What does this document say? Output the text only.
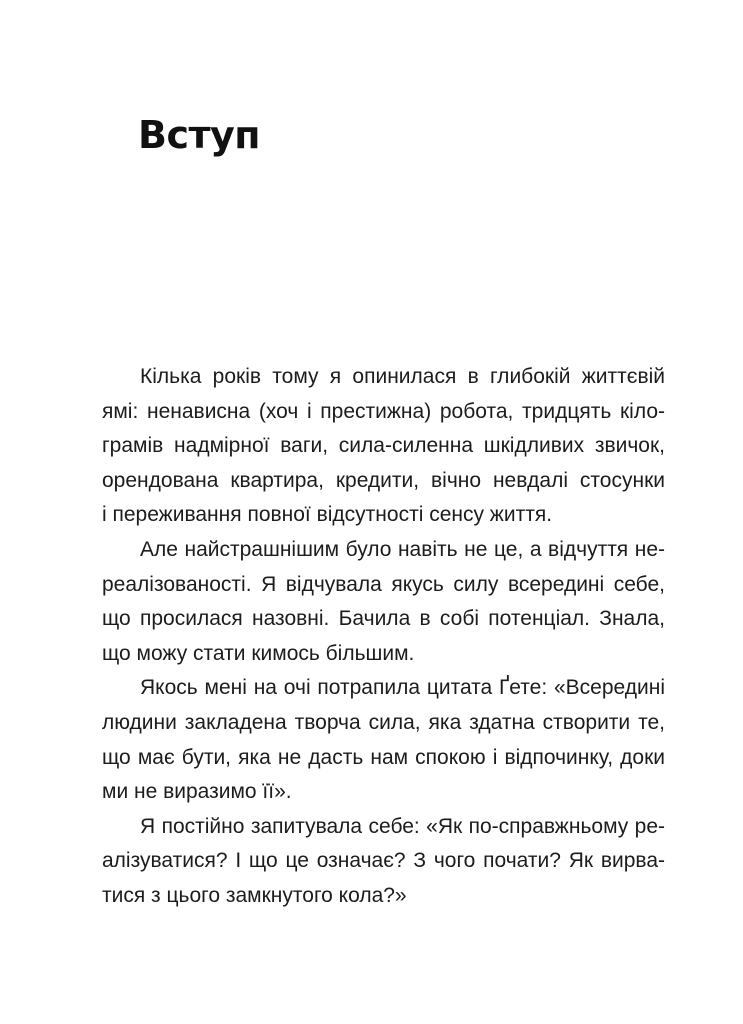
Вступ
Кілька років тому я опинилася в глибокій життєвій
ямі: ненависна (хоч і престижна) робота, тридцять кіло-
грамів надмірної ваги, сила-силенна шкідливих звичок,
орендована квартира, кредити, вічно невдалі стосунки
і переживання повної відсутності сенсу життя.
Але найстрашнішим було навіть не це, а відчуття не-
реалізованості. Я відчувала якусь силу всередині себе,
що просилася назовні. Бачила в собі потенціал. Знала,
що можу стати кимось більшим.
Якось мені на очі потрапила цитата Ґете: «Всередині
людини закладена творча сила, яка здатна створити те,
що має бути, яка не дасть нам спокою і відпочинку, доки
ми не виразимо її».
Я постійно запитувала себе: «Як по-справжньому ре-
алізуватися? І що це означає? З чого почати? Як вирва-
тися з цього замкнутого кола?»
